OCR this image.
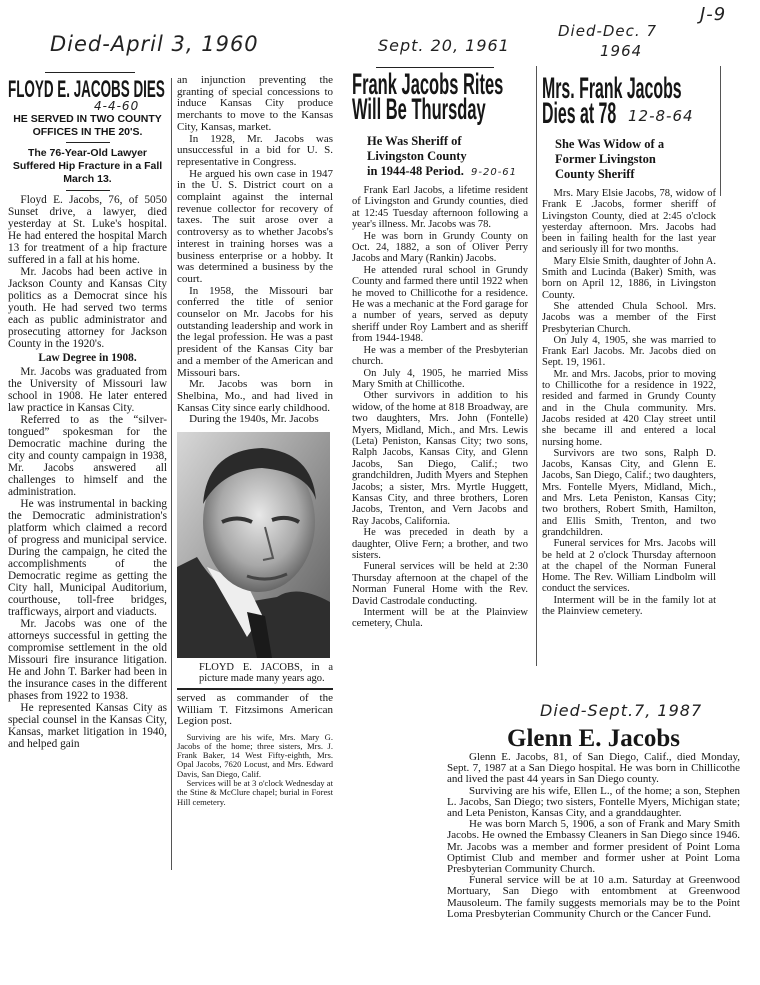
Died-April 3, 1960	Sept. 20, 1961
Died-Dec. 7
1964
J-9
FLOYD E. JACOBS DIES
4-4-60
HE SERVED IN TWO COUNTY OFFICES IN THE 20'S.
The 76-Year-Old Lawyer Suffered Hip Fracture in a Fall March 13.

Floyd E. Jacobs, 76, of 5050 Sunset drive, a lawyer, died yesterday at St. Luke's hospital. He had entered the hospital March 13 for treatment of a hip fracture suffered in a fall at his home.

Mr. Jacobs had been active in Jackson County and Kansas City politics as a Democrat since his youth. He had served two terms each as public administrator and prosecuting attorney for Jackson County in the 1920's.

Law Degree in 1908.

Mr. Jacobs was graduated from the University of Missouri law school in 1908. He later entered law practice in Kansas City.

Referred to as the “silver-tongued” spokesman for the Democratic machine during the city and county campaign in 1938, Mr. Jacobs answered all challenges to himself and the administration.

He was instrumental in backing the Democratic administration's platform which claimed a record of progress and municipal service. During the campaign, he cited the accomplishments of the Democratic regime as getting the City hall, Municipal Auditorium, courthouse, toll-free bridges, trafficways, airport and viaducts.

Mr. Jacobs was one of the attorneys successful in getting the compromise settlement in the old Missouri fire insurance litigation. He and John T. Barker had been in the insurance cases in the different phases from 1922 to 1938.

He represented Kansas City as special counsel in the Kansas City, Kansas, market litigation in 1940, and helped gain

an injunction preventing the granting of special concessions to induce Kansas City produce merchants to move to the Kansas City, Kansas, market.

In 1928, Mr. Jacobs was unsuccessful in a bid for U. S. representative in Congress.

He argued his own case in 1947 in the U. S. District court on a complaint against the internal revenue collector for recovery of taxes. The suit arose over a controversy as to whether Jacobs's interest in training horses was a business enterprise or a hobby. It was determined a business by the court.

In 1958, the Missouri bar conferred the title of senior counselor on Mr. Jacobs for his outstanding leadership and work in the legal profession. He was a past president of the Kansas City bar and a member of the American and Missouri bars.

Mr. Jacobs was born in Shelbina, Mo., and had lived in Kansas City since early childhood.

During the 1940s, Mr. Jacobs

FLOYD E. JACOBS, in a picture made many years ago.

served as commander of the William T. Fitzsimons American Legion post.

Surviving are his wife, Mrs. Mary G. Jacobs of the home; three sisters, Mrs. J. Frank Baker, 14 West Fifty-eighth, Mrs. Opal Jacobs, 7620 Locust, and Mrs. Edward Davis, San Diego, Calif.

Services will be at 3 o'clock Wednesday at the Stine & McClure chapel; burial in Forest Hill cemetery.

Frank Jacobs Rites
Will Be Thursday
He Was Sheriff of
Livingston County
in 1944-48 Period. 9-20-61

Frank Earl Jacobs, a lifetime resident of Livingston and Grundy counties, died at 12:45 Tuesday afternoon following a year's illness. Mr. Jacobs was 78.

He was born in Grundy County on Oct. 24, 1882, a son of Oliver Perry Jacobs and Mary (Rankin) Jacobs.

He attended rural school in Grundy County and farmed there until 1922 when he moved to Chillicothe for a residence. He was a mechanic at the Ford garage for a number of years, served as deputy sheriff under Roy Lambert and as sheriff from 1944-1948.

He was a member of the Presbyterian church.

On July 4, 1905, he married Miss Mary Smith at Chillicothe.

Other survivors in addition to his widow, of the home at 818 Broadway, are two daughters, Mrs. John (Fontelle) Myers, Midland, Mich., and Mrs. Lewis (Leta) Peniston, Kansas City; two sons, Ralph Jacobs, Kansas City, and Glenn Jacobs, San Diego, Calif.; two grandchildren, Judith Myers and Stephen Jacobs; a sister, Mrs. Myrtle Huggett, Kansas City, and three brothers, Loren Jacobs, Trenton, and Vern Jacobs and Ray Jacobs, California.

He was preceded in death by a daughter, Olive Fern; a brother, and two sisters.

Funeral services will be held at 2:30 Thursday afternoon at the chapel of the Norman Funeral Home with the Rev. David Castrodale conducting.

Interment will be at the Plainview cemetery, Chula.

Mrs. Frank Jacobs
Dies at 78 12-8-64
She Was Widow of a
Former Livingston
County Sheriff

Mrs. Mary Elsie Jacobs, 78, widow of Frank E .Jacobs, former sheriff of Livingston County, died at 2:45 o'clock yesterday afternoon. Mrs. Jacobs had been in failing health for the last year and seriously ill for two months.

Mary Elsie Smith, daughter of John A. Smith and Lucinda (Baker) Smith, was born on April 12, 1886, in Livingston County.

She attended Chula School. Mrs. Jacobs was a member of the First Presbyterian Church.

On July 4, 1905, she was married to Frank Earl Jacobs. Mr. Jacobs died on Sept. 19, 1961.

Mr. and Mrs. Jacobs, prior to moving to Chillicothe for a residence in 1922, resided and farmed in Grundy County and in the Chula community. Mrs. Jacobs resided at 420 Clay street until she became ill and entered a local nursing home.

Survivors are two sons, Ralph D. Jacobs, Kansas City, and Glenn E. Jacobs, San Diego, Calif.; two daughters, Mrs. Fontelle Myers, Midland, Mich., and Mrs. Leta Peniston, Kansas City; two brothers, Robert Smith, Hamilton, and Ellis Smith, Trenton, and two grandchildren.

Funeral services for Mrs. Jacobs will be held at 2 o'clock Thursday afternoon at the chapel of the Norman Funeral Home. The Rev. William Lindbolm will conduct the services.

Interment will be in the family lot at the Plainview cemetery.

Died-Sept.7, 1987
Glenn E. Jacobs

Glenn E. Jacobs, 81, of San Diego, Calif., died Monday, Sept. 7, 1987 at a San Diego hospital. He was born in Chillicothe and lived the past 44 years in San Diego county.

Surviving are his wife, Ellen L., of the home; a son, Stephen L. Jacobs, San Diego; two sisters, Fontelle Myers, Michigan state; and Leta Peniston, Kansas City, and a granddaughter.

He was born March 5, 1906, a son of Frank and Mary Smith Jacobs. He owned the Embassy Cleaners in San Diego since 1946. Mr. Jacobs was a member and former president of Point Loma Optimist Club and member and former usher at Point Loma Presbyterian Community Church.

Funeral service will be at 10 a.m. Saturday at Greenwood Mortuary, San Diego with entombment at Greenwood Mausoleum. The family suggests memorials may be to the Point Loma Presbyterian Community Church or the Cancer Fund.
